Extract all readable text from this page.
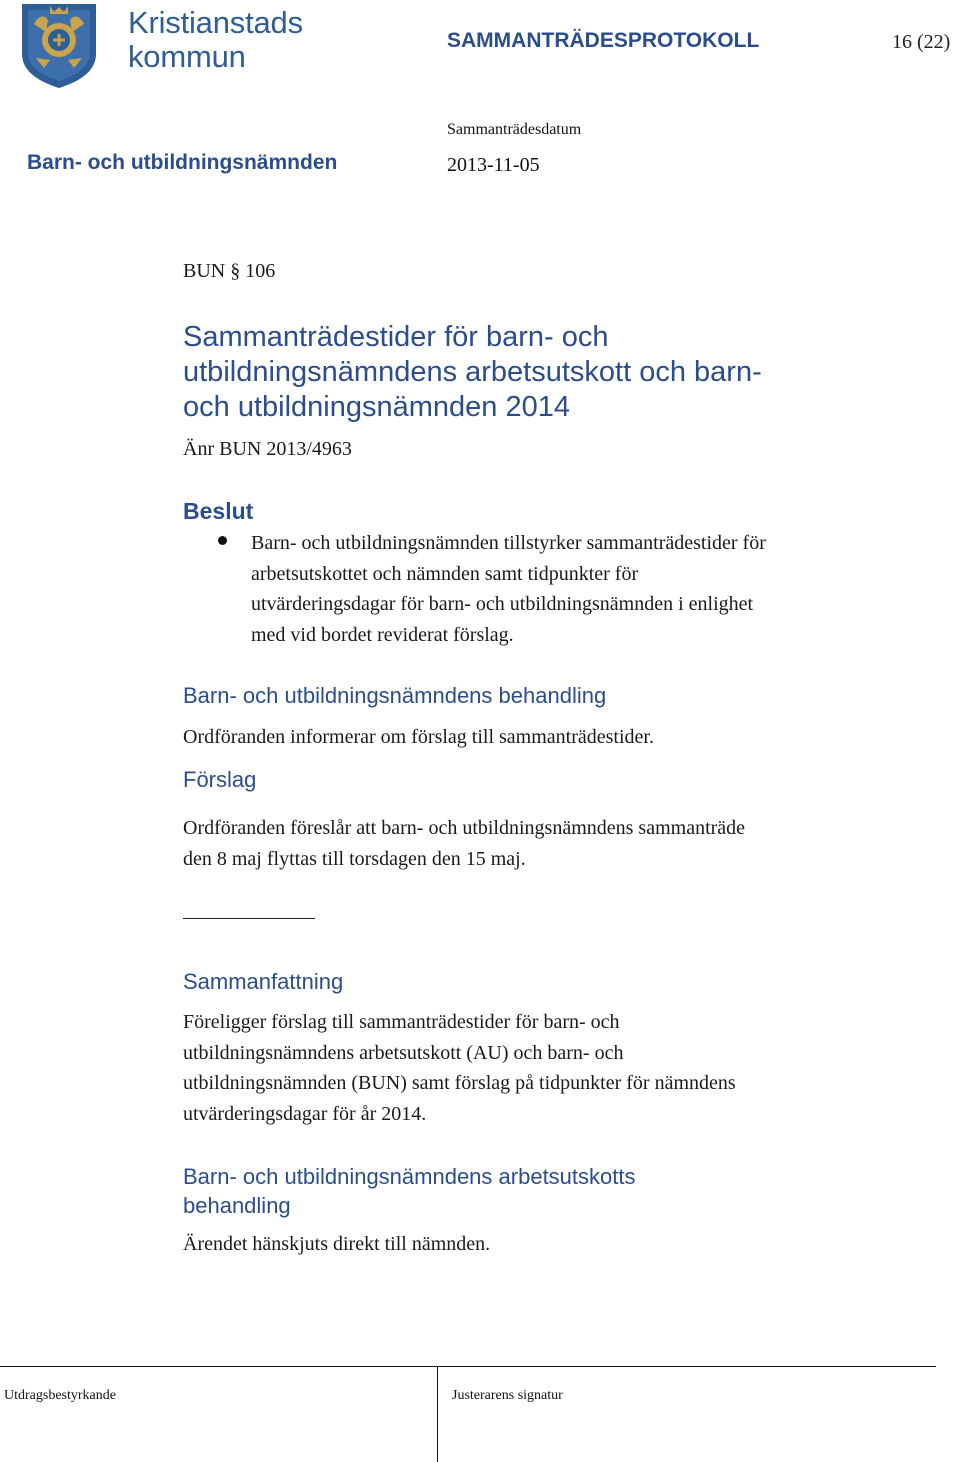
Kristianstads
kommun	SAMMANTRÄDESPROTOKOLL	16 (22)
Sammanträdesdatum
Barn- och utbildningsnämnden	2013-11-05
BUN § 106
Sammanträdestider för barn- och
utbildningsnämndens arbetsutskott och barn-
och utbildningsnämnden 2014
Änr BUN 2013/4963
Beslut
Barn- och utbildningsnämnden tillstyrker sammanträdestider för
arbetsutskottet och nämnden samt tidpunkter för
utvärderingsdagar för barn- och utbildningsnämnden i enlighet
med vid bordet reviderat förslag.
Barn- och utbildningsnämndens behandling
Ordföranden informerar om förslag till sammanträdestider.
Förslag
Ordföranden föreslår att barn- och utbildningsnämndens sammanträde
den 8 maj flyttas till torsdagen den 15 maj.
Sammanfattning
Föreligger förslag till sammanträdestider för barn- och
utbildningsnämndens arbetsutskott (AU) och barn- och
utbildningsnämnden (BUN) samt förslag på tidpunkter för nämndens
utvärderingsdagar för år 2014.
Barn- och utbildningsnämndens arbetsutskotts
behandling
Ärendet hänskjuts direkt till nämnden.
Utdragsbestyrkande	Justerarens signatur
